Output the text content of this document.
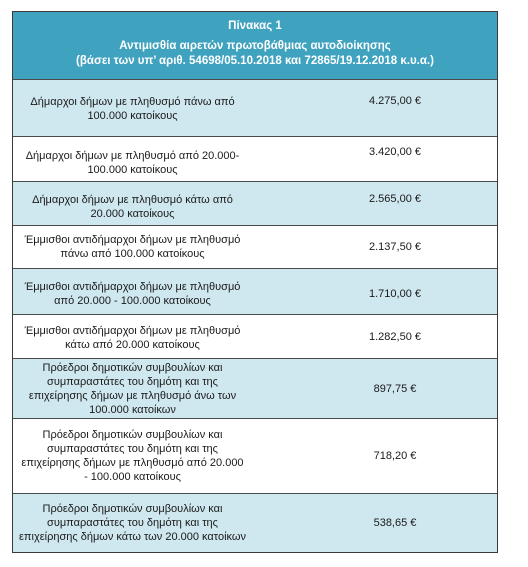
Πίνακας 1
Αντιμισθία αιρετών πρωτοβάθμιας αυτοδιοίκησης
(βάσει των υπ’ αριθ. 54698/05.10.2018 και 72865/19.12.2018 κ.υ.α.)
Δήμαρχοι δήμων με πληθυσμό πάνω από 100.000 κατοίκους
4.275,00 €
Δήμαρχοι δήμων με πληθυσμό από 20.000-100.000 κατοίκους
3.420,00 €
Δήμαρχοι δήμων με πληθυσμό κάτω από 20.000 κατοίκους
2.565,00 €
Έμμισθοι αντιδήμαρχοι δήμων με πληθυσμό πάνω από 100.000 κατοίκους
2.137,50 €
Έμμισθοι αντιδήμαρχοι δήμων με πληθυσμό από 20.000 - 100.000 κατοίκους
1.710,00 €
Έμμισθοι αντιδήμαρχοι δήμων με πληθυσμό κάτω από 20.000 κατοίκους
1.282,50 €
Πρόεδροι δημοτικών συμβουλίων και συμπαραστάτες του δημότη και της επιχείρησης δήμων με πληθυσμό άνω των 100.000 κατοίκων
897,75 €
Πρόεδροι δημοτικών συμβουλίων και συμπαραστάτες του δημότη και της επιχείρησης δήμων με πληθυσμό από 20.000 - 100.000 κατοίκους
718,20 €
Πρόεδροι δημοτικών συμβουλίων και συμπαραστάτες του δημότη και της επιχείρησης δήμων κάτω των 20.000 κατοίκων
538,65 €
